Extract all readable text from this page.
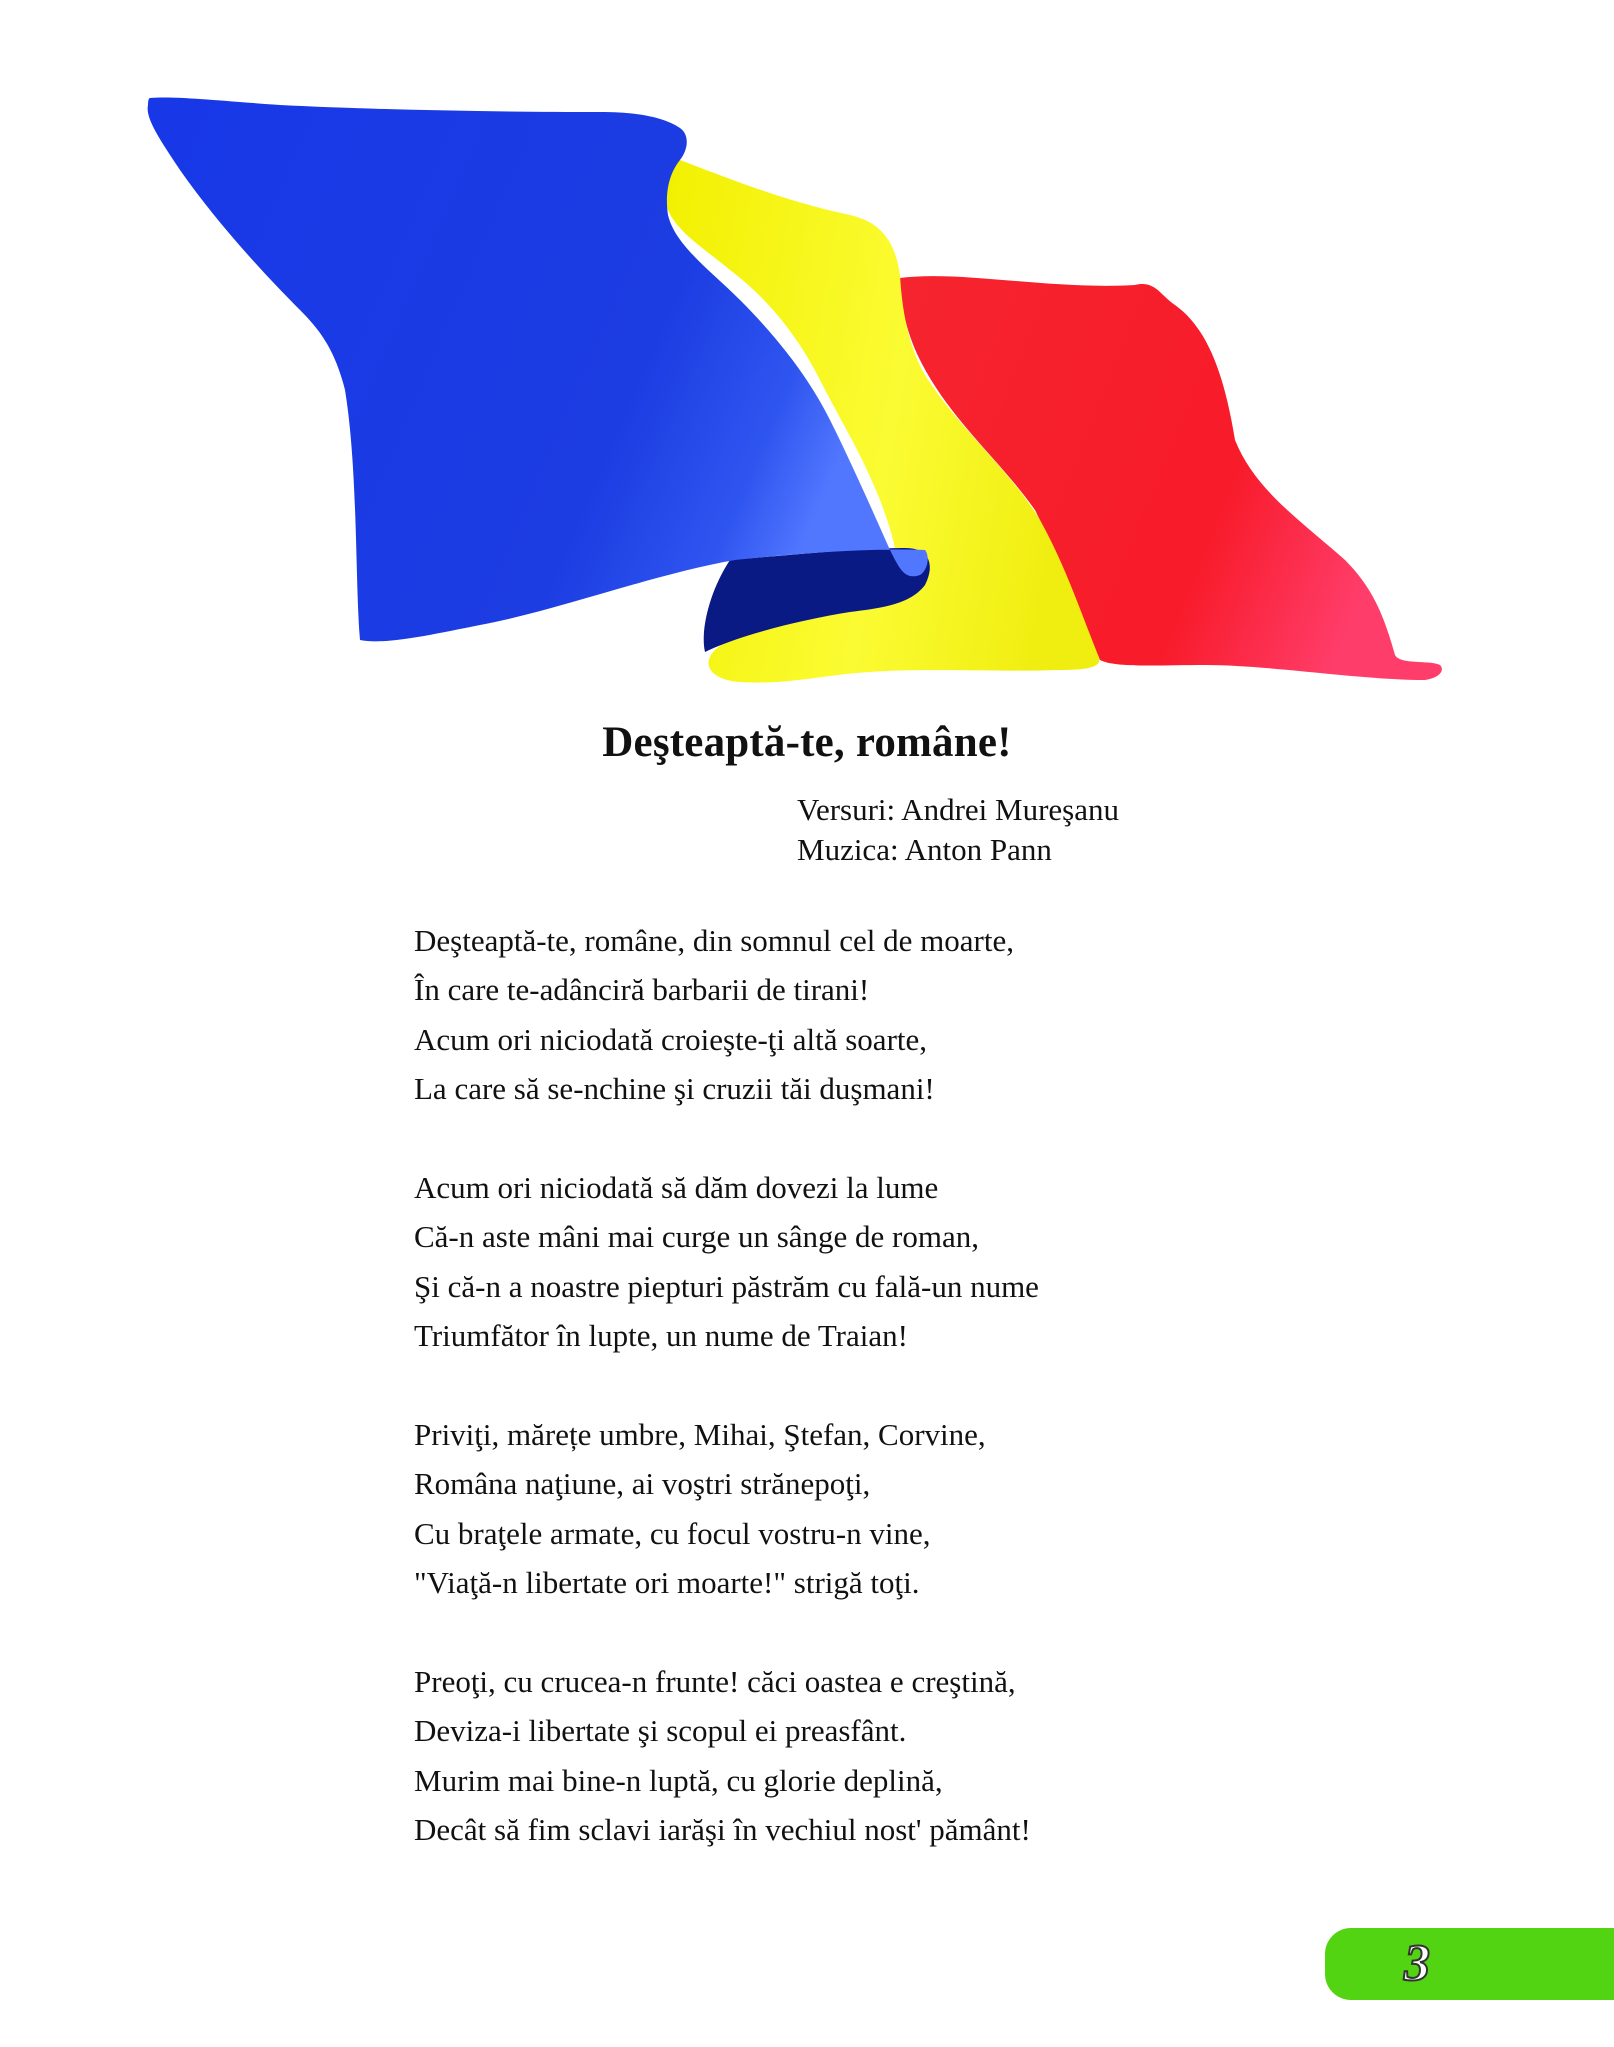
Deşteaptă-te, române!
Versuri: Andrei Mureşanu
Muzica: Anton Pann
Deşteaptă-te, române, din somnul cel de moarte,
În care te-adânciră barbarii de tirani!
Acum ori niciodată croieşte-ţi altă soarte,
La care să se-nchine şi cruzii tăi duşmani!
Acum ori niciodată să dăm dovezi la lume
Că-n aste mâni mai curge un sânge de roman,
Şi că-n a noastre piepturi păstrăm cu fală-un nume
Triumfător în lupte, un nume de Traian!
Priviţi, mărețe umbre, Mihai, Ştefan, Corvine,
Româna naţiune, ai voştri strănepoţi,
Cu braţele armate, cu focul vostru-n vine,
"Viaţă-n libertate ori moarte!" strigă toţi.
Preoţi, cu crucea-n frunte! căci oastea e creştină,
Deviza-i libertate şi scopul ei preasfânt.
Murim mai bine-n luptă, cu glorie deplină,
Decât să fim sclavi iarăşi în vechiul nost' pământ!
3
